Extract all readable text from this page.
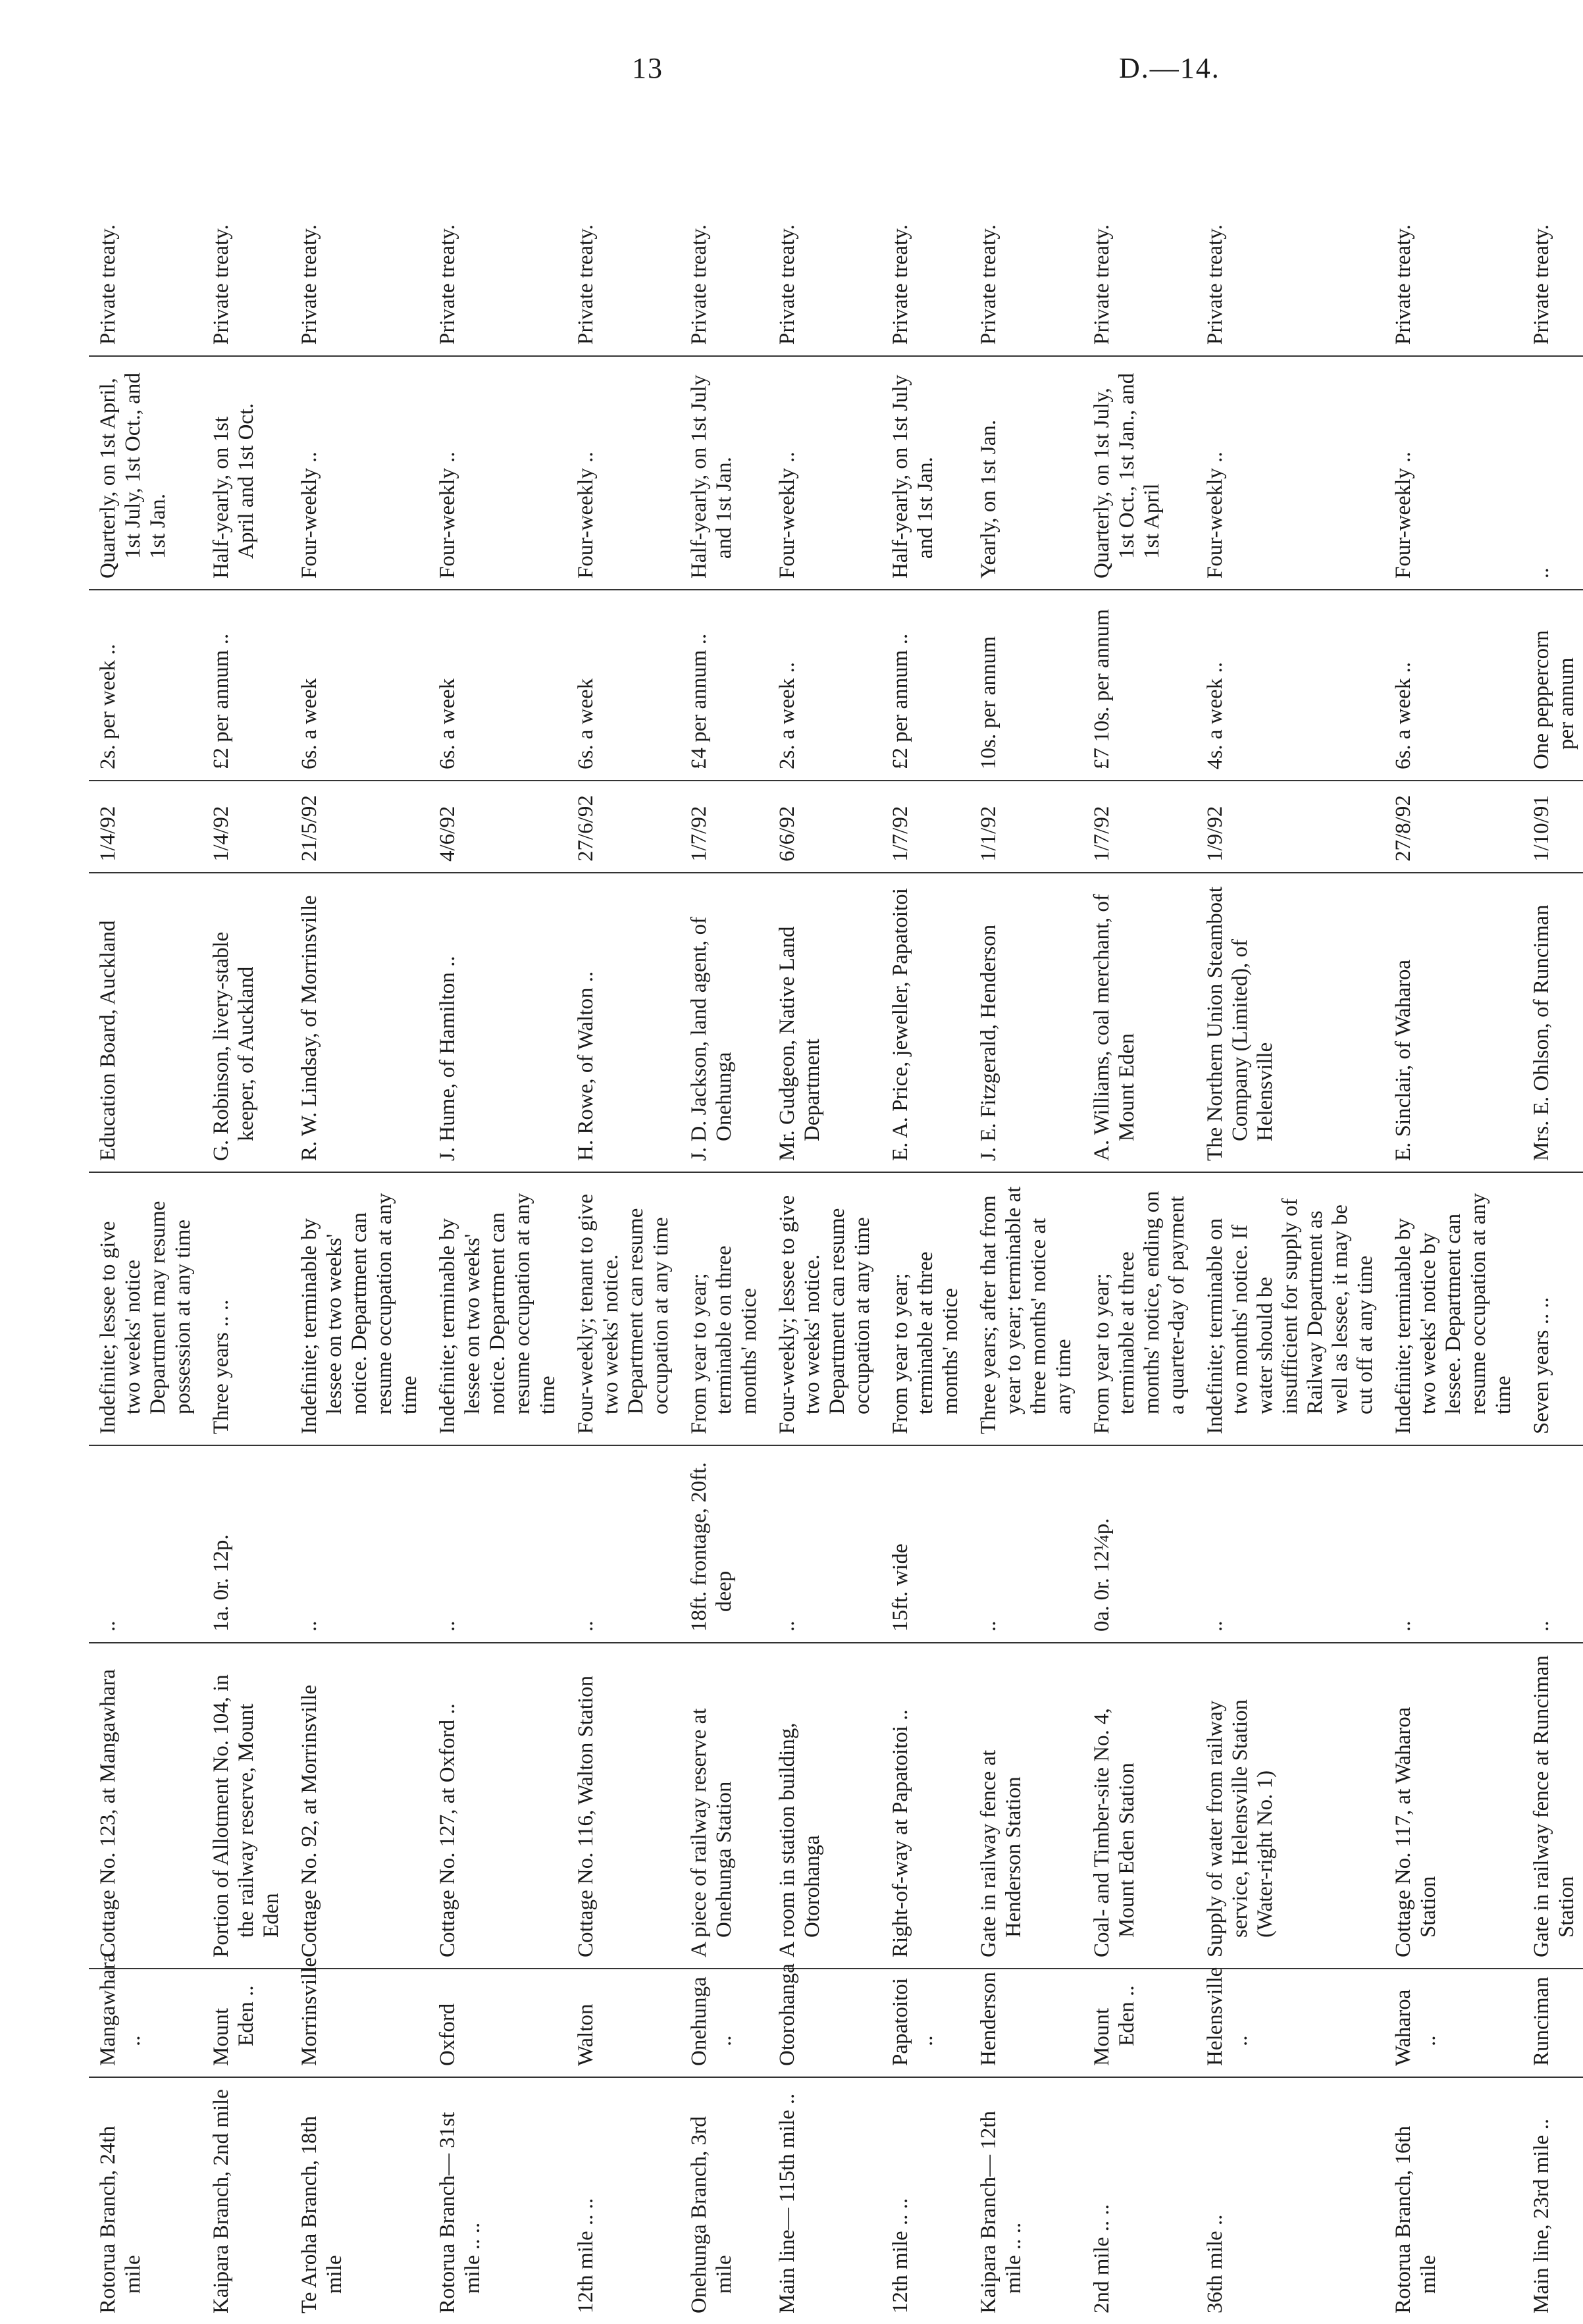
13	D.—14.
Rotorua Branch, 24th mile	Mangawhara ..	Cottage No. 123, at Mangawhara	..	Indefinite; lessee to give two weeks' notice Department may resume possession at any time	Education Board, Auckland	1/4/92	2s. per week ..	Quarterly, on 1st April, 1st July, 1st Oct., and 1st Jan.	Private treaty.
Kaipara Branch, 2nd mile	Mount Eden ..	Portion of Allotment No. 104, in the railway reserve, Mount Eden	1a. 0r. 12p.	Three years .. ..	G. Robinson, livery-stable keeper, of Auckland	1/4/92	£2 per annum ..	Half-yearly, on 1st April and 1st Oct.	Private treaty.
Te Aroha Branch, 18th mile	Morrinsville	Cottage No. 92, at Morrinsville	..	Indefinite; terminable by lessee on two weeks' notice. Department can resume occupation at any time	R. W. Lindsay, of Morrinsville	21/5/92	6s. a week	Four-weekly ..	Private treaty.
Rotorua Branch— 31st mile .. ..	Oxford	Cottage No. 127, at Oxford ..	..	Indefinite; terminable by lessee on two weeks' notice. Department can resume occupation at any time	J. Hume, of Hamilton ..	4/6/92	6s. a week	Four-weekly ..	Private treaty.
12th mile .. ..	Walton	Cottage No. 116, Walton Station	..	Four-weekly; tenant to give two weeks' notice. Department can resume occupation at any time	H. Rowe, of Walton ..	27/6/92	6s. a week	Four-weekly ..	Private treaty.
Onehunga Branch, 3rd mile	Onehunga ..	A piece of railway reserve at Onehunga Station	18ft. frontage, 20ft. deep	From year to year; terminable on three months' notice	J. D. Jackson, land agent, of Onehunga	1/7/92	£4 per annum ..	Half-yearly, on 1st July and 1st Jan.	Private treaty.
Main line— 115th mile ..	Otorohanga	A room in station building, Otorohanga	..	Four-weekly; lessee to give two weeks' notice. Department can resume occupation at any time	Mr. Gudgeon, Native Land Department	6/6/92	2s. a week ..	Four-weekly ..	Private treaty.
12th mile .. ..	Papatoitoi ..	Right-of-way at Papatoitoi ..	15ft. wide	From year to year; terminable at three months' notice	E. A. Price, jeweller, Papatoitoi	1/7/92	£2 per annum ..	Half-yearly, on 1st July and 1st Jan.	Private treaty.
Kaipara Branch— 12th mile .. ..	Henderson	Gate in railway fence at Henderson Station	..	Three years; after that from year to year; terminable at three months' notice at any time	J. E. Fitzgerald, Henderson	1/1/92	10s. per annum	Yearly, on 1st Jan.	Private treaty.
2nd mile .. ..	Mount Eden ..	Coal- and Timber-site No. 4, Mount Eden Station	0a. 0r. 12¼p.	From year to year; terminable at three months' notice, ending on a quarter-day of payment	A. Williams, coal merchant, of Mount Eden	1/7/92	£7 10s. per annum	Quarterly, on 1st July, 1st Oct., 1st Jan., and 1st April	Private treaty.
36th mile ..	Helensville ..	Supply of water from railway service, Helensville Station (Water-right No. 1)	..	Indefinite; terminable on two months' notice. If water should be insufficient for supply of Railway Department as well as lessee, it may be cut off at any time	The Northern Union Steamboat Company (Limited), of Helensville	1/9/92	4s. a week ..	Four-weekly ..	Private treaty.
Rotorua Branch, 16th mile	Waharoa ..	Cottage No. 117, at Waharoa Station	..	Indefinite; terminable by two weeks' notice by lessee. Department can resume occupation at any time	E. Sinclair, of Waharoa	27/8/92	6s. a week ..	Four-weekly ..	Private treaty.
Main line, 23rd mile ..	Runciman	Gate in railway fence at Runciman Station	..	Seven years .. ..	Mrs. E. Ohlson, of Runciman	1/10/91	One peppercorn per annum	..	Private treaty.
